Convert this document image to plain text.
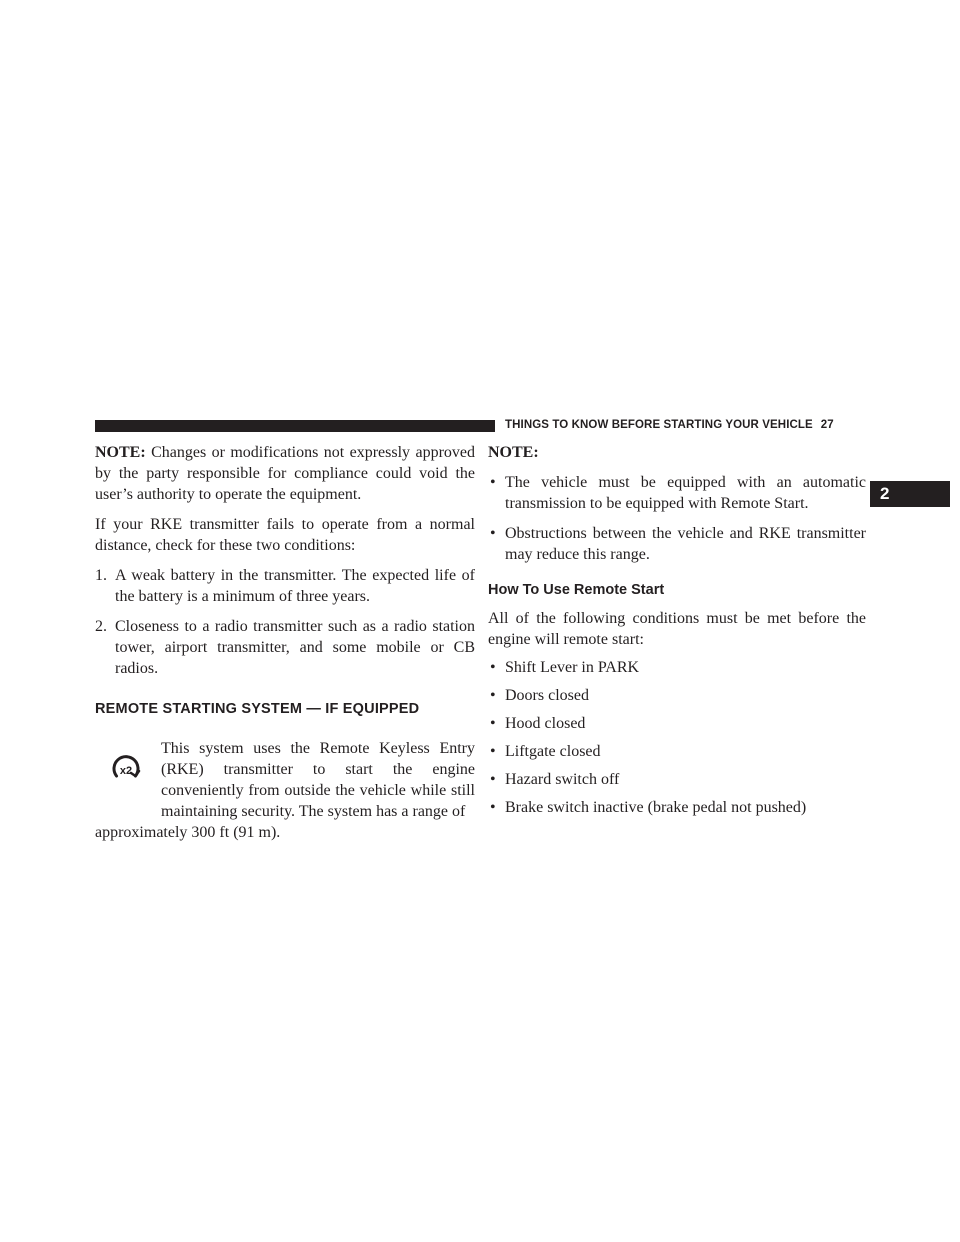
THINGS TO KNOW BEFORE STARTING YOUR VEHICLE 27
2

NOTE: Changes or modifications not expressly approved by the party responsible for compliance could void the user’s authority to operate the equipment.

If your RKE transmitter fails to operate from a normal distance, check for these two conditions:

1. A weak battery in the transmitter. The expected life of the battery is a minimum of three years.
2. Closeness to a radio transmitter such as a radio station tower, airport transmitter, and some mobile or CB radios.
REMOTE STARTING SYSTEM — IF EQUIPPED
x2
This system uses the Remote Keyless Entry (RKE) transmitter to start the engine conveniently from outside the vehicle while still maintaining security. The system has a range of
approximately 300 ft (91 m).

NOTE:

• The vehicle must be equipped with an automatic transmission to be equipped with Remote Start.
• Obstructions between the vehicle and RKE transmitter may reduce this range.
How To Use Remote Start

All of the following conditions must be met before the engine will remote start:

• Shift Lever in PARK
• Doors closed
• Hood closed
• Liftgate closed
• Hazard switch off
• Brake switch inactive (brake pedal not pushed)
